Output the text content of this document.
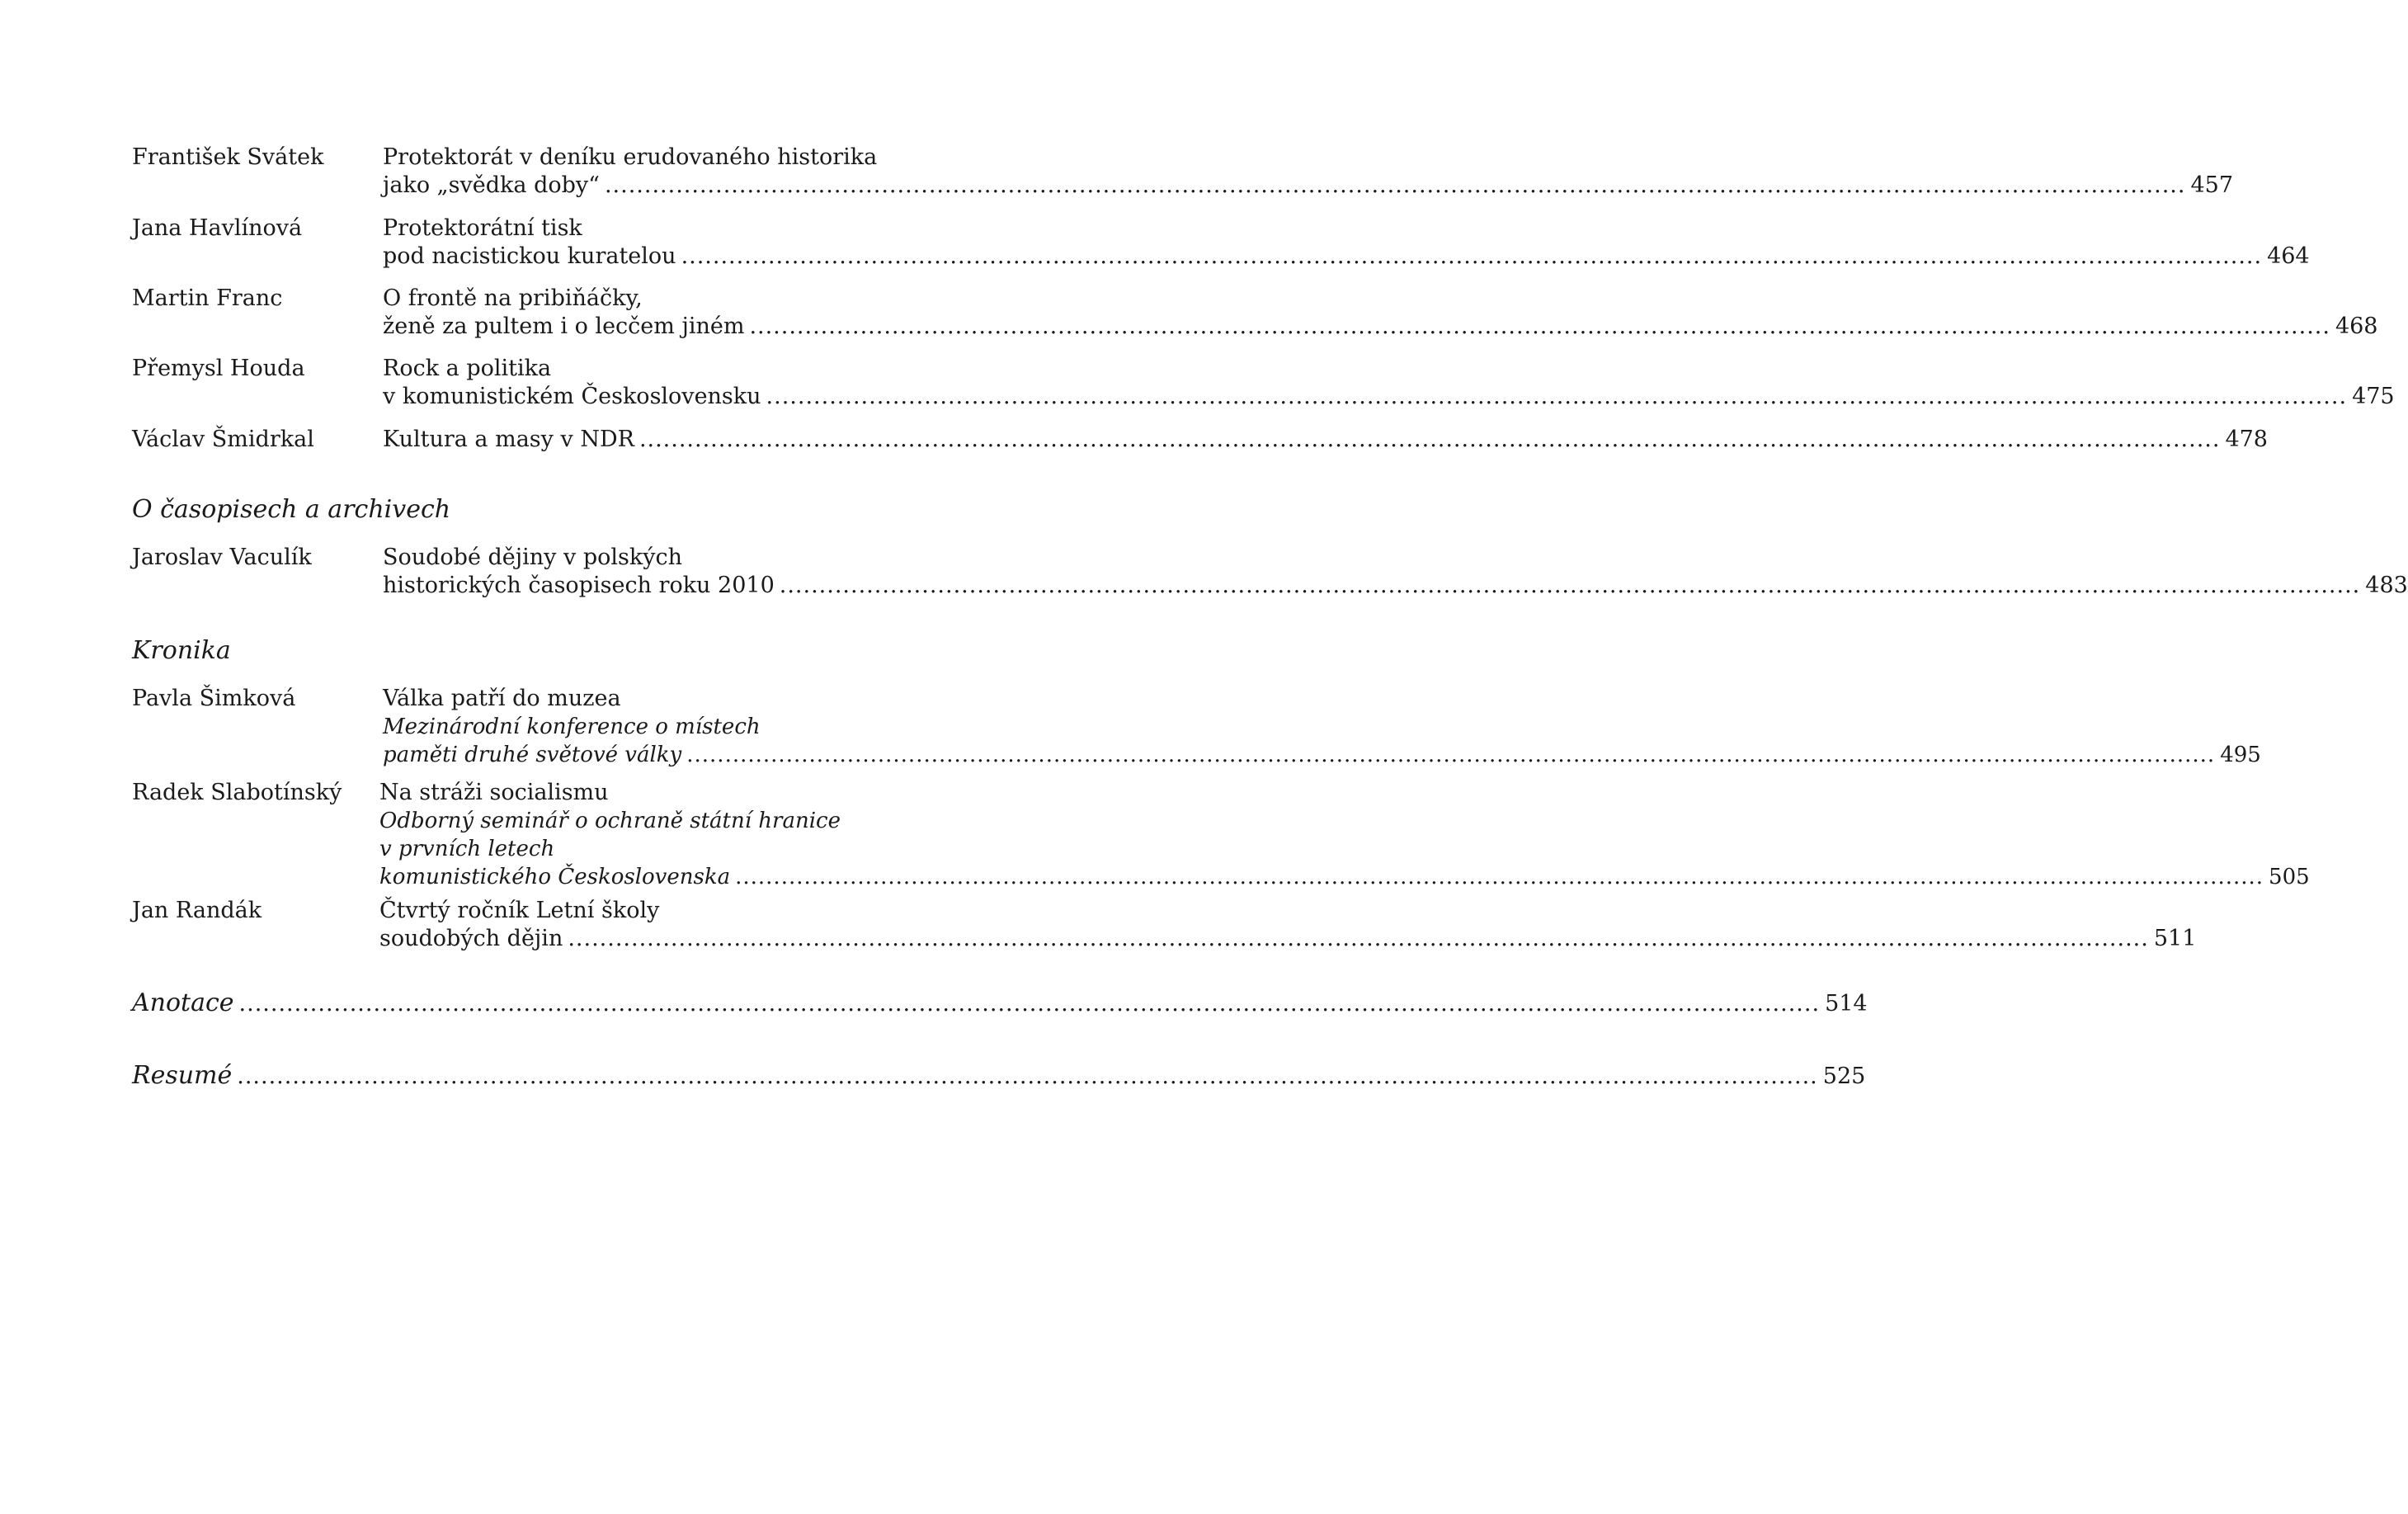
František Svátek	Protektorát v deníku erudovaného historika
jako „svědka doby“ ........................................................................................................................................................................................................ 457
Jana Havlínová	Protektorátní tisk
pod nacistickou kuratelou ........................................................................................................................................................................................................ 464
Martin Franc	O frontě na pribiňáčky,
ženě za pultem i o lecčem jiném ........................................................................................................................................................................................................ 468
Přemysl Houda	Rock a politika
v komunistickém Československu ........................................................................................................................................................................................................ 475
Václav Šmidrkal	Kultura a masy v NDR ........................................................................................................................................................................................................ 478
O časopisech a archivech
Jaroslav Vaculík	Soudobé dějiny v polských
historických časopisech roku 2010 ........................................................................................................................................................................................................ 483
Kronika
Pavla Šimková	Válka patří do muzea
Mezinárodní konference o místech
paměti druhé světové války ........................................................................................................................................................................................................ 495
Radek Slabotínský Na stráži socialismu
Odborný seminář o ochraně státní hranice
v prvních letech
komunistického Československa ........................................................................................................................................................................................................ 505
Jan Randák	Čtvrtý ročník Letní školy
soudobých dějin ........................................................................................................................................................................................................ 511
Anotace ........................................................................................................................................................................................................ 514
Resumé ........................................................................................................................................................................................................ 525
